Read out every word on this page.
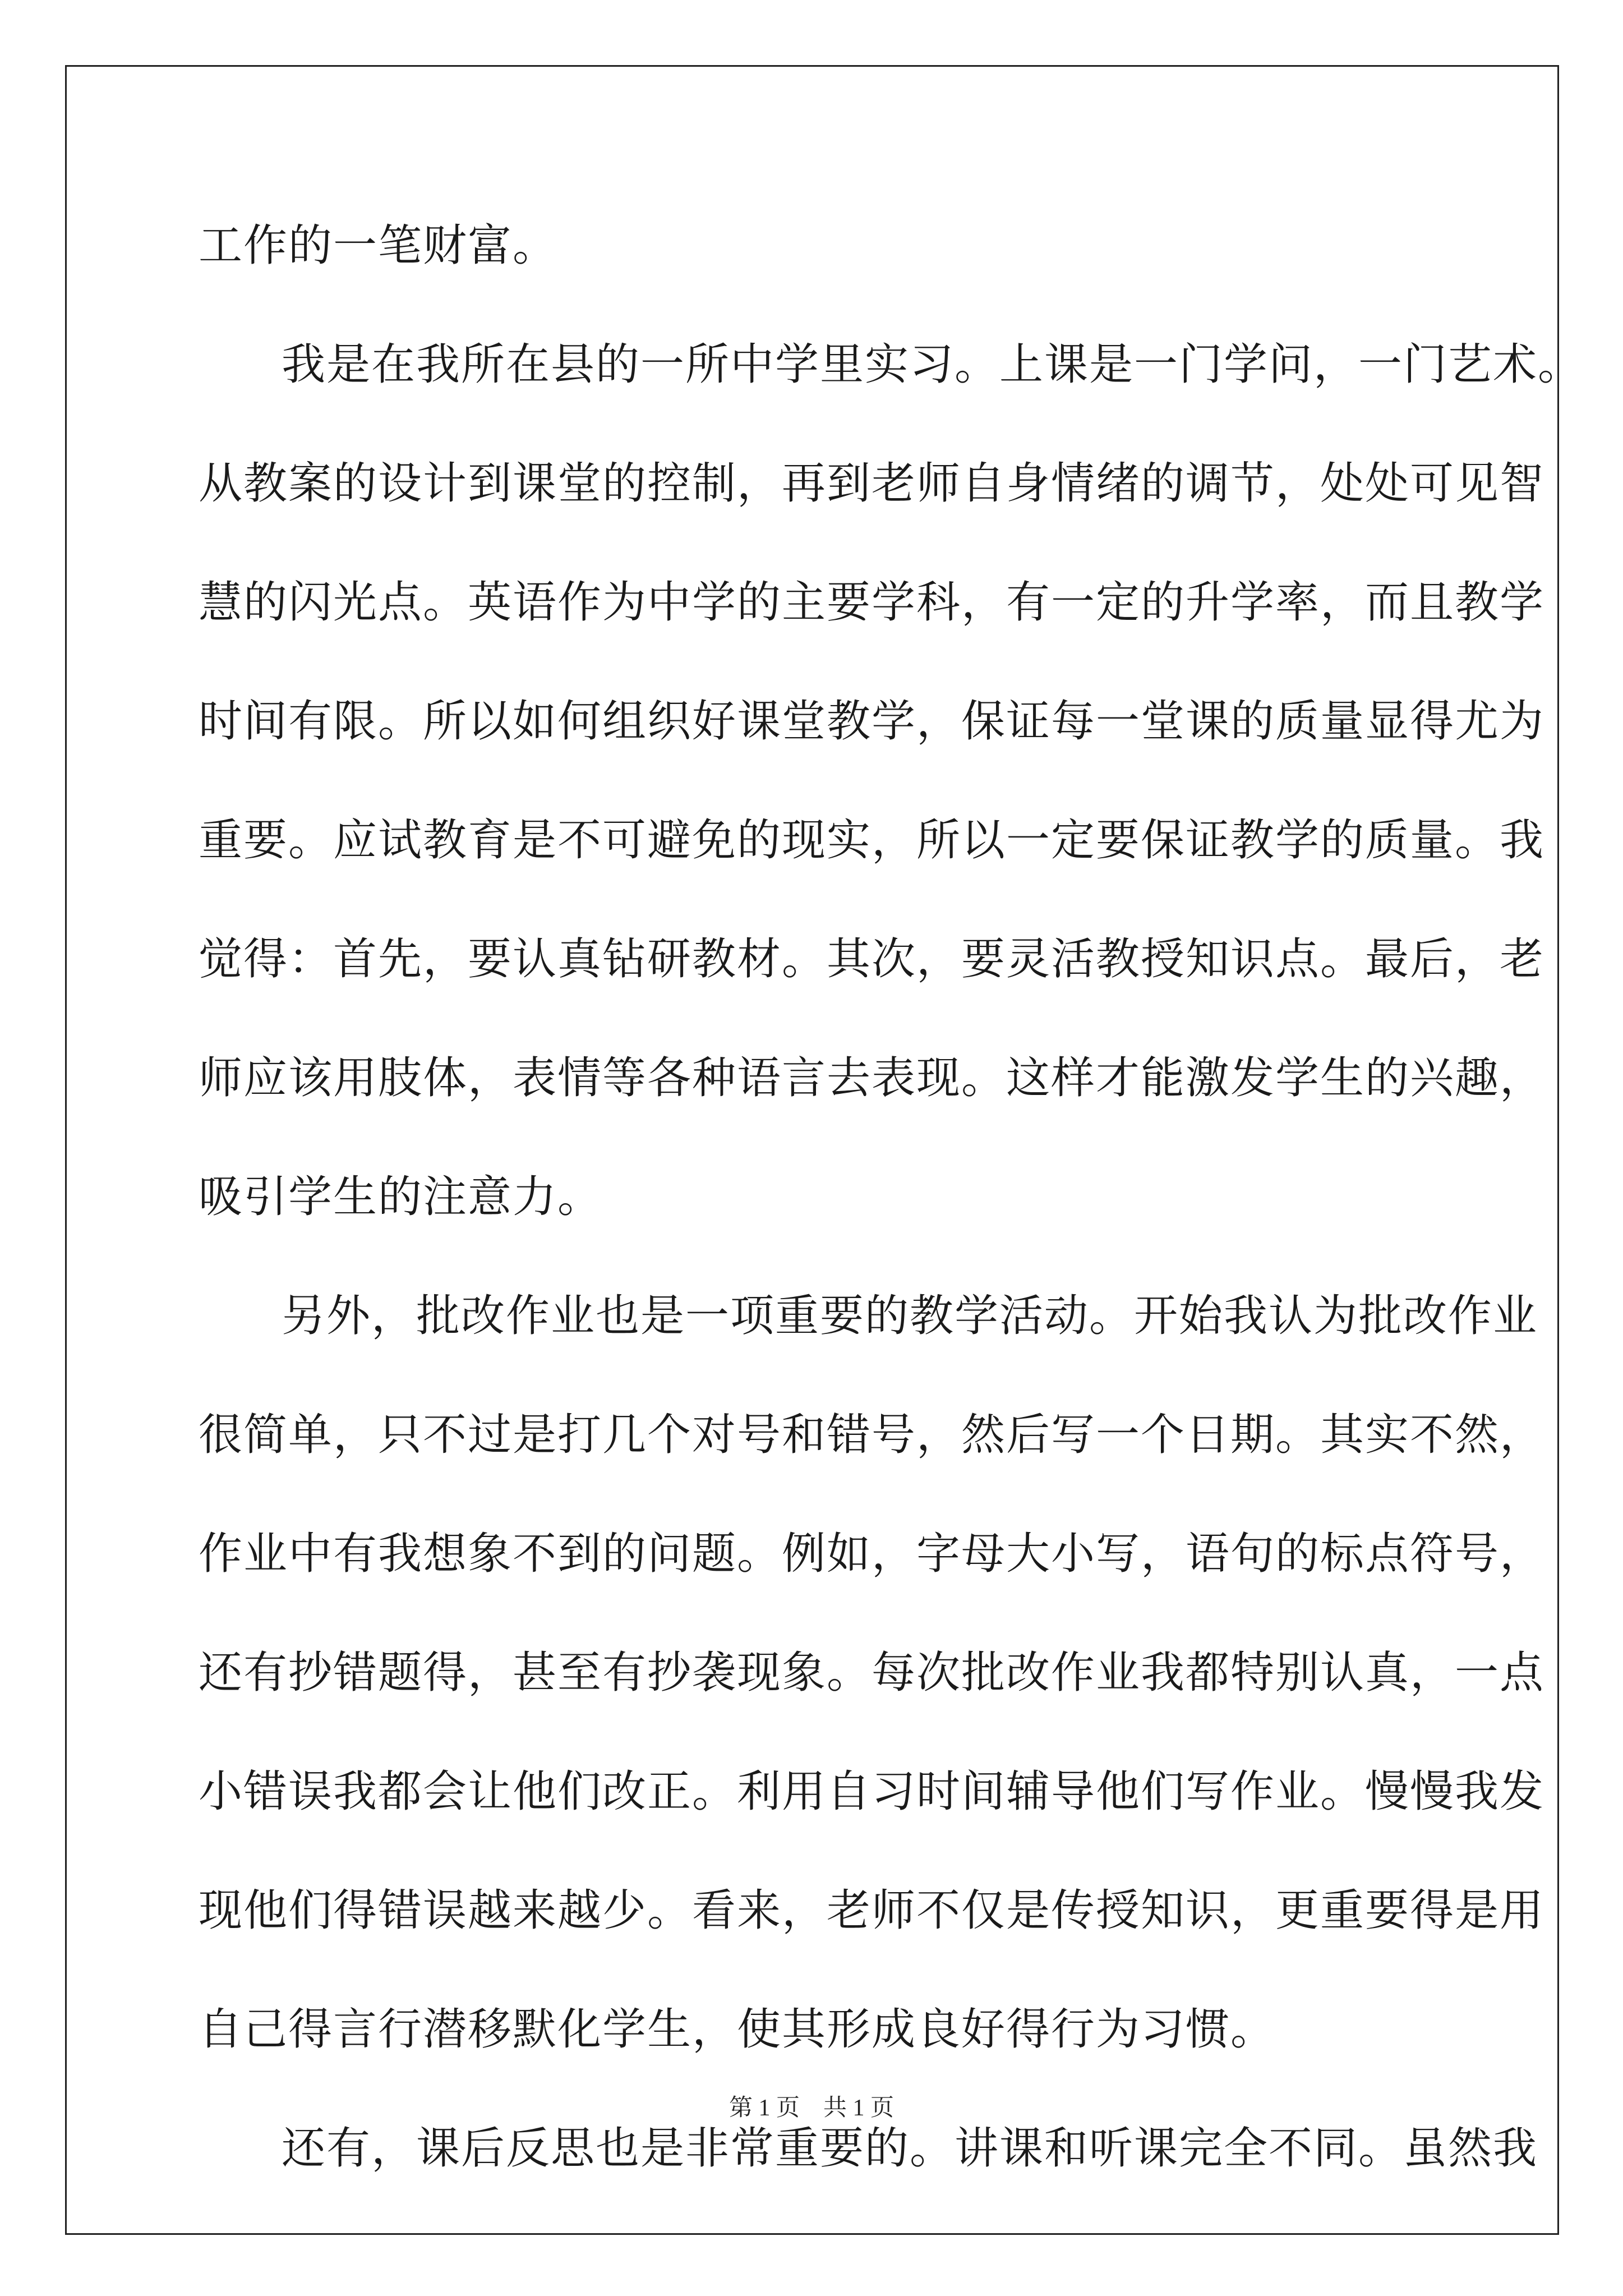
工作的一笔财富。
我是在我所在县的一所中学里实习。上课是一门学问，一门艺术。
从教案的设计到课堂的控制，再到老师自身情绪的调节，处处可见智
慧的闪光点。英语作为中学的主要学科，有一定的升学率，而且教学
时间有限。所以如何组织好课堂教学，保证每一堂课的质量显得尤为
重要。应试教育是不可避免的现实，所以一定要保证教学的质量。我
觉得：首先，要认真钻研教材。其次，要灵活教授知识点。最后，老
师应该用肢体，表情等各种语言去表现。这样才能激发学生的兴趣，
吸引学生的注意力。
另外，批改作业也是一项重要的教学活动。开始我认为批改作业
很简单，只不过是打几个对号和错号，然后写一个日期。其实不然，
作业中有我想象不到的问题。例如，字母大小写，语句的标点符号，
还有抄错题得，甚至有抄袭现象。每次批改作业我都特别认真，一点
小错误我都会让他们改正。利用自习时间辅导他们写作业。慢慢我发
现他们得错误越来越少。看来，老师不仅是传授知识，更重要得是用
自己得言行潜移默化学生，使其形成良好得行为习惯。
还有，课后反思也是非常重要的。讲课和听课完全不同。虽然我
第 1 页　共 1 页
